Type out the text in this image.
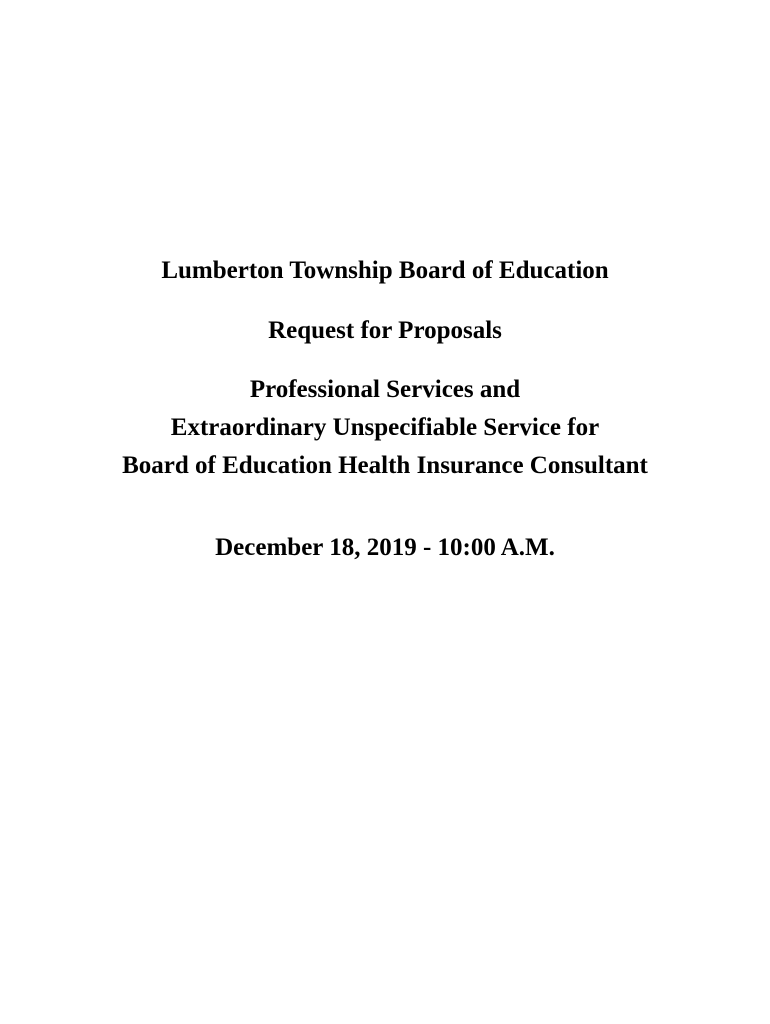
Lumberton Township Board of Education
Request for Proposals
Professional Services and
Extraordinary Unspecifiable Service for
Board of Education Health Insurance Consultant
December 18, 2019 - 10:00 A.M.
